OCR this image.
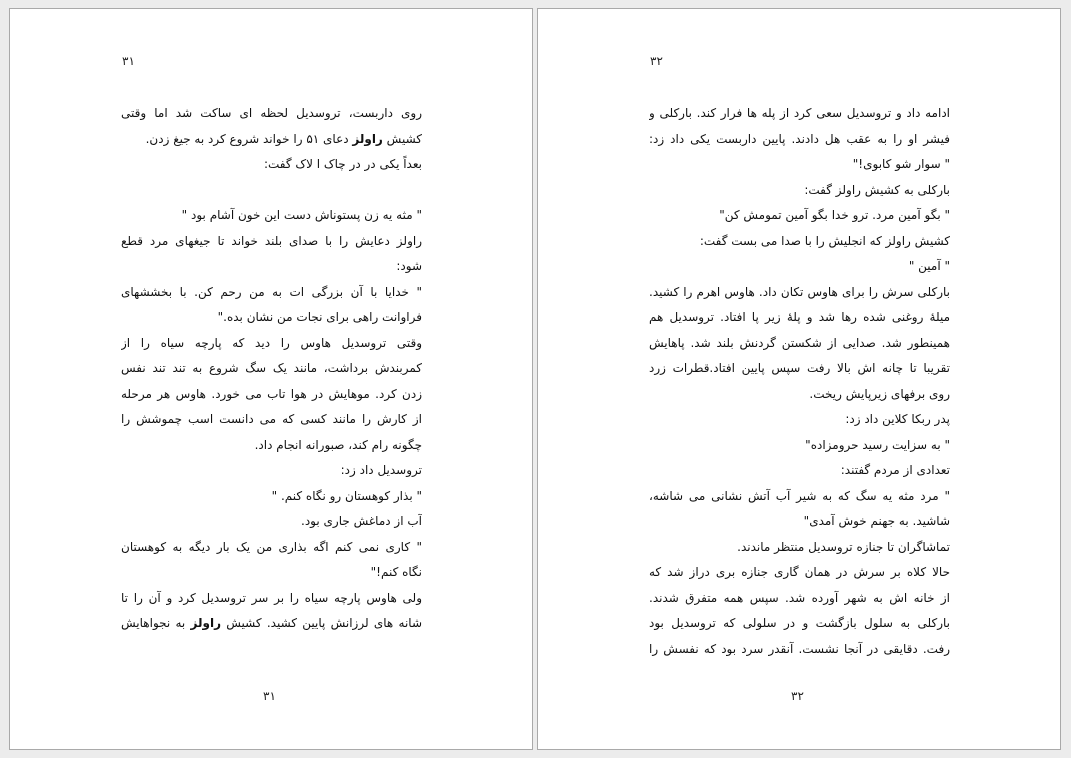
۳۱
روی داربست، تروسدیل لحظه ای ساکت شد اما وقتی
کشیش راولز دعای ۵۱ را خواند شروع کرد به جیغ زدن.
بعداً یکی در در چاک ا لاک گفت:
" مثه یه زن پستوناش دست این خون آشام بود "
راولز دعایش را با صدای بلند خواند تا جیغهای مرد قطع
شود:
" خدایا با آن بزرگی ات به من رحم کن. با بخششهای
فراوانت راهی برای نجات من نشان بده."
وقتی تروسدیل هاوس را دید که پارچه سیاه را از
کمربندش برداشت، مانند یک سگ شروع به تند تند نفس
زدن کرد. موهایش در هوا تاب می خورد. هاوس هر مرحله
از کارش را مانند کسی که می دانست اسب چموشش را
چگونه رام کند، صبورانه انجام داد.
تروسدیل داد زد:
" بذار کوهستان رو نگاه کنم. "
آب از دماغش جاری بود.
" کاری نمی کنم اگه بذاری من یک بار دیگه به کوهستان
نگاه کنم!"
ولی هاوس پارچه سیاه را بر سر تروسدیل کرد و آن را تا
شانه های لرزانش پایین کشید. کشیش راولز به نجواهایش
۳۱
۳۲
ادامه داد و تروسدیل سعی کرد از پله ها فرار کند. بارکلی و
فیشر او را به عقب هل دادند. پایین داربست یکی داد زد:
" سوار شو کابوی!"
بارکلی به کشیش راولز گفت:
" بگو آمین مرد. ترو خدا بگو آمین تمومش کن"
کشیش راولز که انجلیش را با صدا می بست گفت:
" آمین "
بارکلی سرش را برای هاوس تکان داد. هاوس اهرم را کشید.
میلهٔ روغنی شده رها شد و پلهٔ زیر پا افتاد. تروسدیل هم
همینطور شد. صدایی از شکستن گردنش بلند شد. پاهایش
تقریبا تا چانه اش بالا رفت سپس پایین افتاد.قطرات زرد
روی برفهای زیرپایش ریخت.
پدر ربکا کلاین داد زد:
" به سزایت رسید حرومزاده"
تعدادی از مردم گفتند:
" مرد مثه یه سگ که به شیر آب آتش نشانی می شاشه،
شاشید. به جهنم خوش آمدی"
تماشاگران تا جنازه تروسدیل منتظر ماندند.
حالا کلاه بر سرش در همان گاری جنازه بری دراز شد که
از خانه اش به شهر آورده شد. سپس همه متفرق شدند.
بارکلی به سلول بازگشت و در سلولی که تروسدیل بود
رفت. دقایقی در آنجا نشست. آنقدر سرد بود که نفسش را
۳۲
